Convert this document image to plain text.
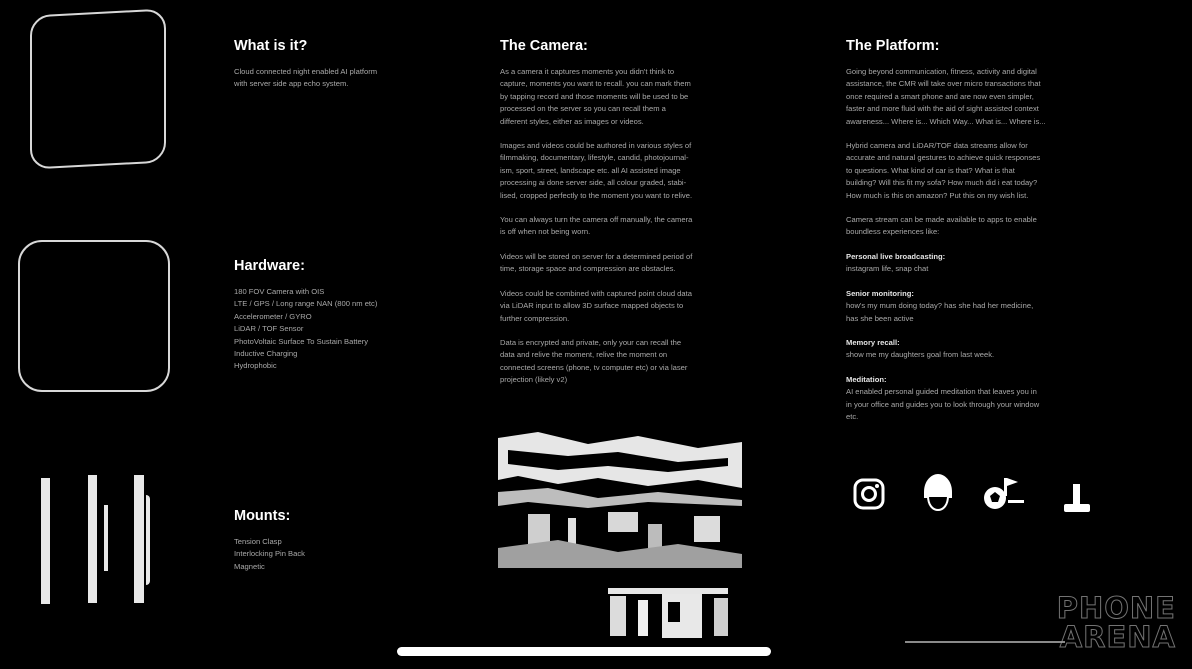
What is it?
Cloud connected night enabled AI platform
with server side app echo system.
Hardware:
180 FOV Camera with OIS
LTE / GPS / Long range NAN (800 nm etc)
Accelerometer / GYRO
LiDAR / TOF Sensor
PhotoVoltaic Surface To Sustain Battery
Inductive Charging
Hydrophobic
Mounts:
Tension Clasp
Interlocking Pin Back
Magnetic
The Camera:

As a camera it captures moments you didn't think to
capture, moments you want to recall. you can mark them
by tapping record and those moments will be used to be
processed on the server so you can recall them a
different styles, either as images or videos.

Images and videos could be authored in various styles of
filmmaking, documentary, lifestyle, candid, photojournal-
ism, sport, street, landscape etc. all AI assisted image
processing ai done server side, all colour graded, stabi-
lised, cropped perfectly to the moment you want to relive.

You can always turn the camera off manually, the camera
is off when not being worn.

Videos will be stored on server for a determined period of
time, storage space and compression are obstacles.

Videos could be combined with captured point cloud data
via LiDAR input to allow 3D surface mapped objects to
further compression.

Data is encrypted and private, only your can recall the
data and relive the moment, relive the moment on
connected screens (phone, tv computer etc) or via laser
projection (likely v2)

The Platform:

Going beyond communication, fitness, activity and digital
assistance, the CMR will take over micro transactions that
once required a smart phone and are now even simpler,
faster and more fluid with the aid of sight assisted context
awareness... Where is... Which Way... What is... Where is...

Hybrid camera and LiDAR/TOF data streams allow for
accurate and natural gestures to achieve quick responses
to questions. What kind of car is that? What is that
building? Will this fit my sofa? How much did i eat today?
How much is this on amazon? Put this on my wish list.

Camera stream can be made available to apps to enable
boundless experiences like:

Personal live broadcasting:
instagram life, snap chat

Senior monitoring:
how's my mum doing today? has she had her medicine,
has she been active

Memory recall:
show me my daughters goal from last week.

Meditation:
AI enabled personal guided meditation that leaves you in
in your office and guides you to look through your window
etc.

PHONE
ARENA
